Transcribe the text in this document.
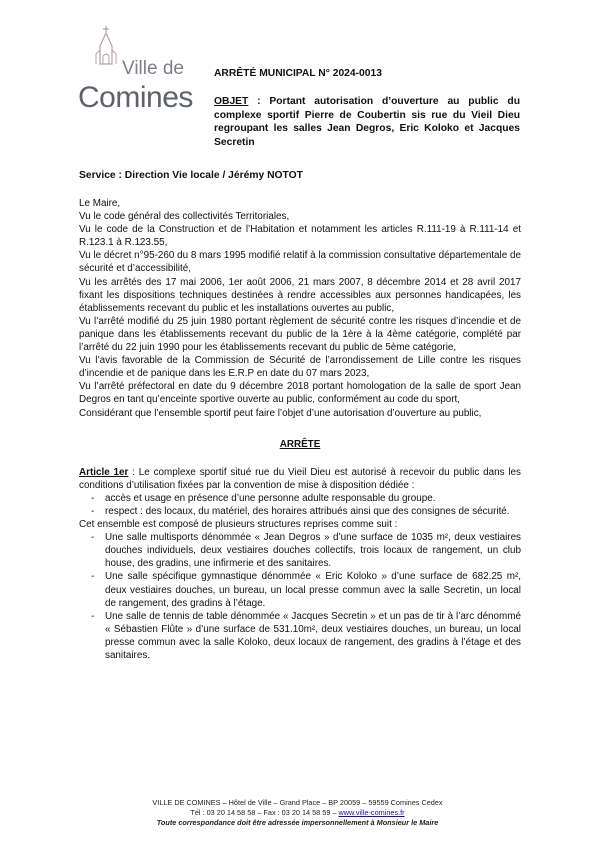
Ville de
Comines
ARRÊTÉ MUNICIPAL N° 2024-0013
OBJET : Portant autorisation d’ouverture au public du complexe sportif Pierre de Coubertin sis rue du Vieil Dieu regroupant les salles Jean Degros, Eric Koloko et Jacques Secretin
Service : Direction Vie locale / Jérémy NOTOT

Le Maire,

Vu le code général des collectivités Territoriales,

Vu le code de la Construction et de l’Habitation et notamment les articles R.111-19 à R.111-14 et R.123.1 à R.123.55,

Vu le décret n°95-260 du 8 mars 1995 modifié relatif à la commission consultative départementale de sécurité et d’accessibilité,

Vu les arrêtés des 17 mai 2006, 1er août 2006, 21 mars 2007, 8 décembre 2014 et 28 avril 2017 fixant les dispositions techniques destinées à rendre accessibles aux personnes handicapées, les établissements recevant du public et les installations ouvertes au public,

Vu l’arrêté modifié du 25 juin 1980 portant règlement de sécurité contre les risques d’incendie et de panique dans les établissements recevant du public de la 1ère à la 4ème catégorie, complété par l’arrêté du 22 juin 1990 pour les établissements recevant du public de 5ème catégorie,

Vu l’avis favorable de la Commission de Sécurité de l’arrondissement de Lille contre les risques d’incendie et de panique dans les E.R.P en date du 07 mars 2023,

Vu l’arrêté préfectoral en date du 9 décembre 2018 portant homologation de la salle de sport Jean Degros en tant qu’enceinte sportive ouverte au public, conformément au code du sport,

Considérant que l’ensemble sportif peut faire l’objet d’une autorisation d’ouverture au public,

ARRÊTE

Article 1er : Le complexe sportif situé rue du Vieil Dieu est autorisé à recevoir du public dans les conditions d’utilisation fixées par la convention de mise à disposition dédiée :

-	accès et usage en présence d’une personne adulte responsable du groupe.
-	respect : des locaux, du matériel, des horaires attribués ainsi que des consignes de sécurité.

Cet ensemble est composé de plusieurs structures reprises comme suit :

-	Une salle multisports dénommée « Jean Degros » d’une surface de 1035 m², deux vestiaires douches individuels, deux vestiaires douches collectifs, trois locaux de rangement, un club house, des gradins, une infirmerie et des sanitaires.
-	Une salle spécifique gymnastique dénommée « Eric Koloko » d’une surface de 682.25 m², deux vestiaires douches, un bureau, un local presse commun avec la salle Secretin, un local de rangement, des gradins à l’étage.
-	Une salle de tennis de table dénommée « Jacques Secretin » et un pas de tir à l’arc dénommé « Sébastien Flûte » d’une surface de 531.10m², deux vestiaires douches, un bureau, un local presse commun avec la salle Koloko, deux locaux de rangement, des gradins à l’étage et des sanitaires.
VILLE DE COMINES – Hôtel de Ville – Grand Place – BP 20059 – 59559 Comines Cedex
Tél : 03 20 14 58 58 – Fax : 03 20 14 58 59 – www.ville-comines.fr
Toute correspondance doit être adressée impersonnellement à Monsieur le Maire
